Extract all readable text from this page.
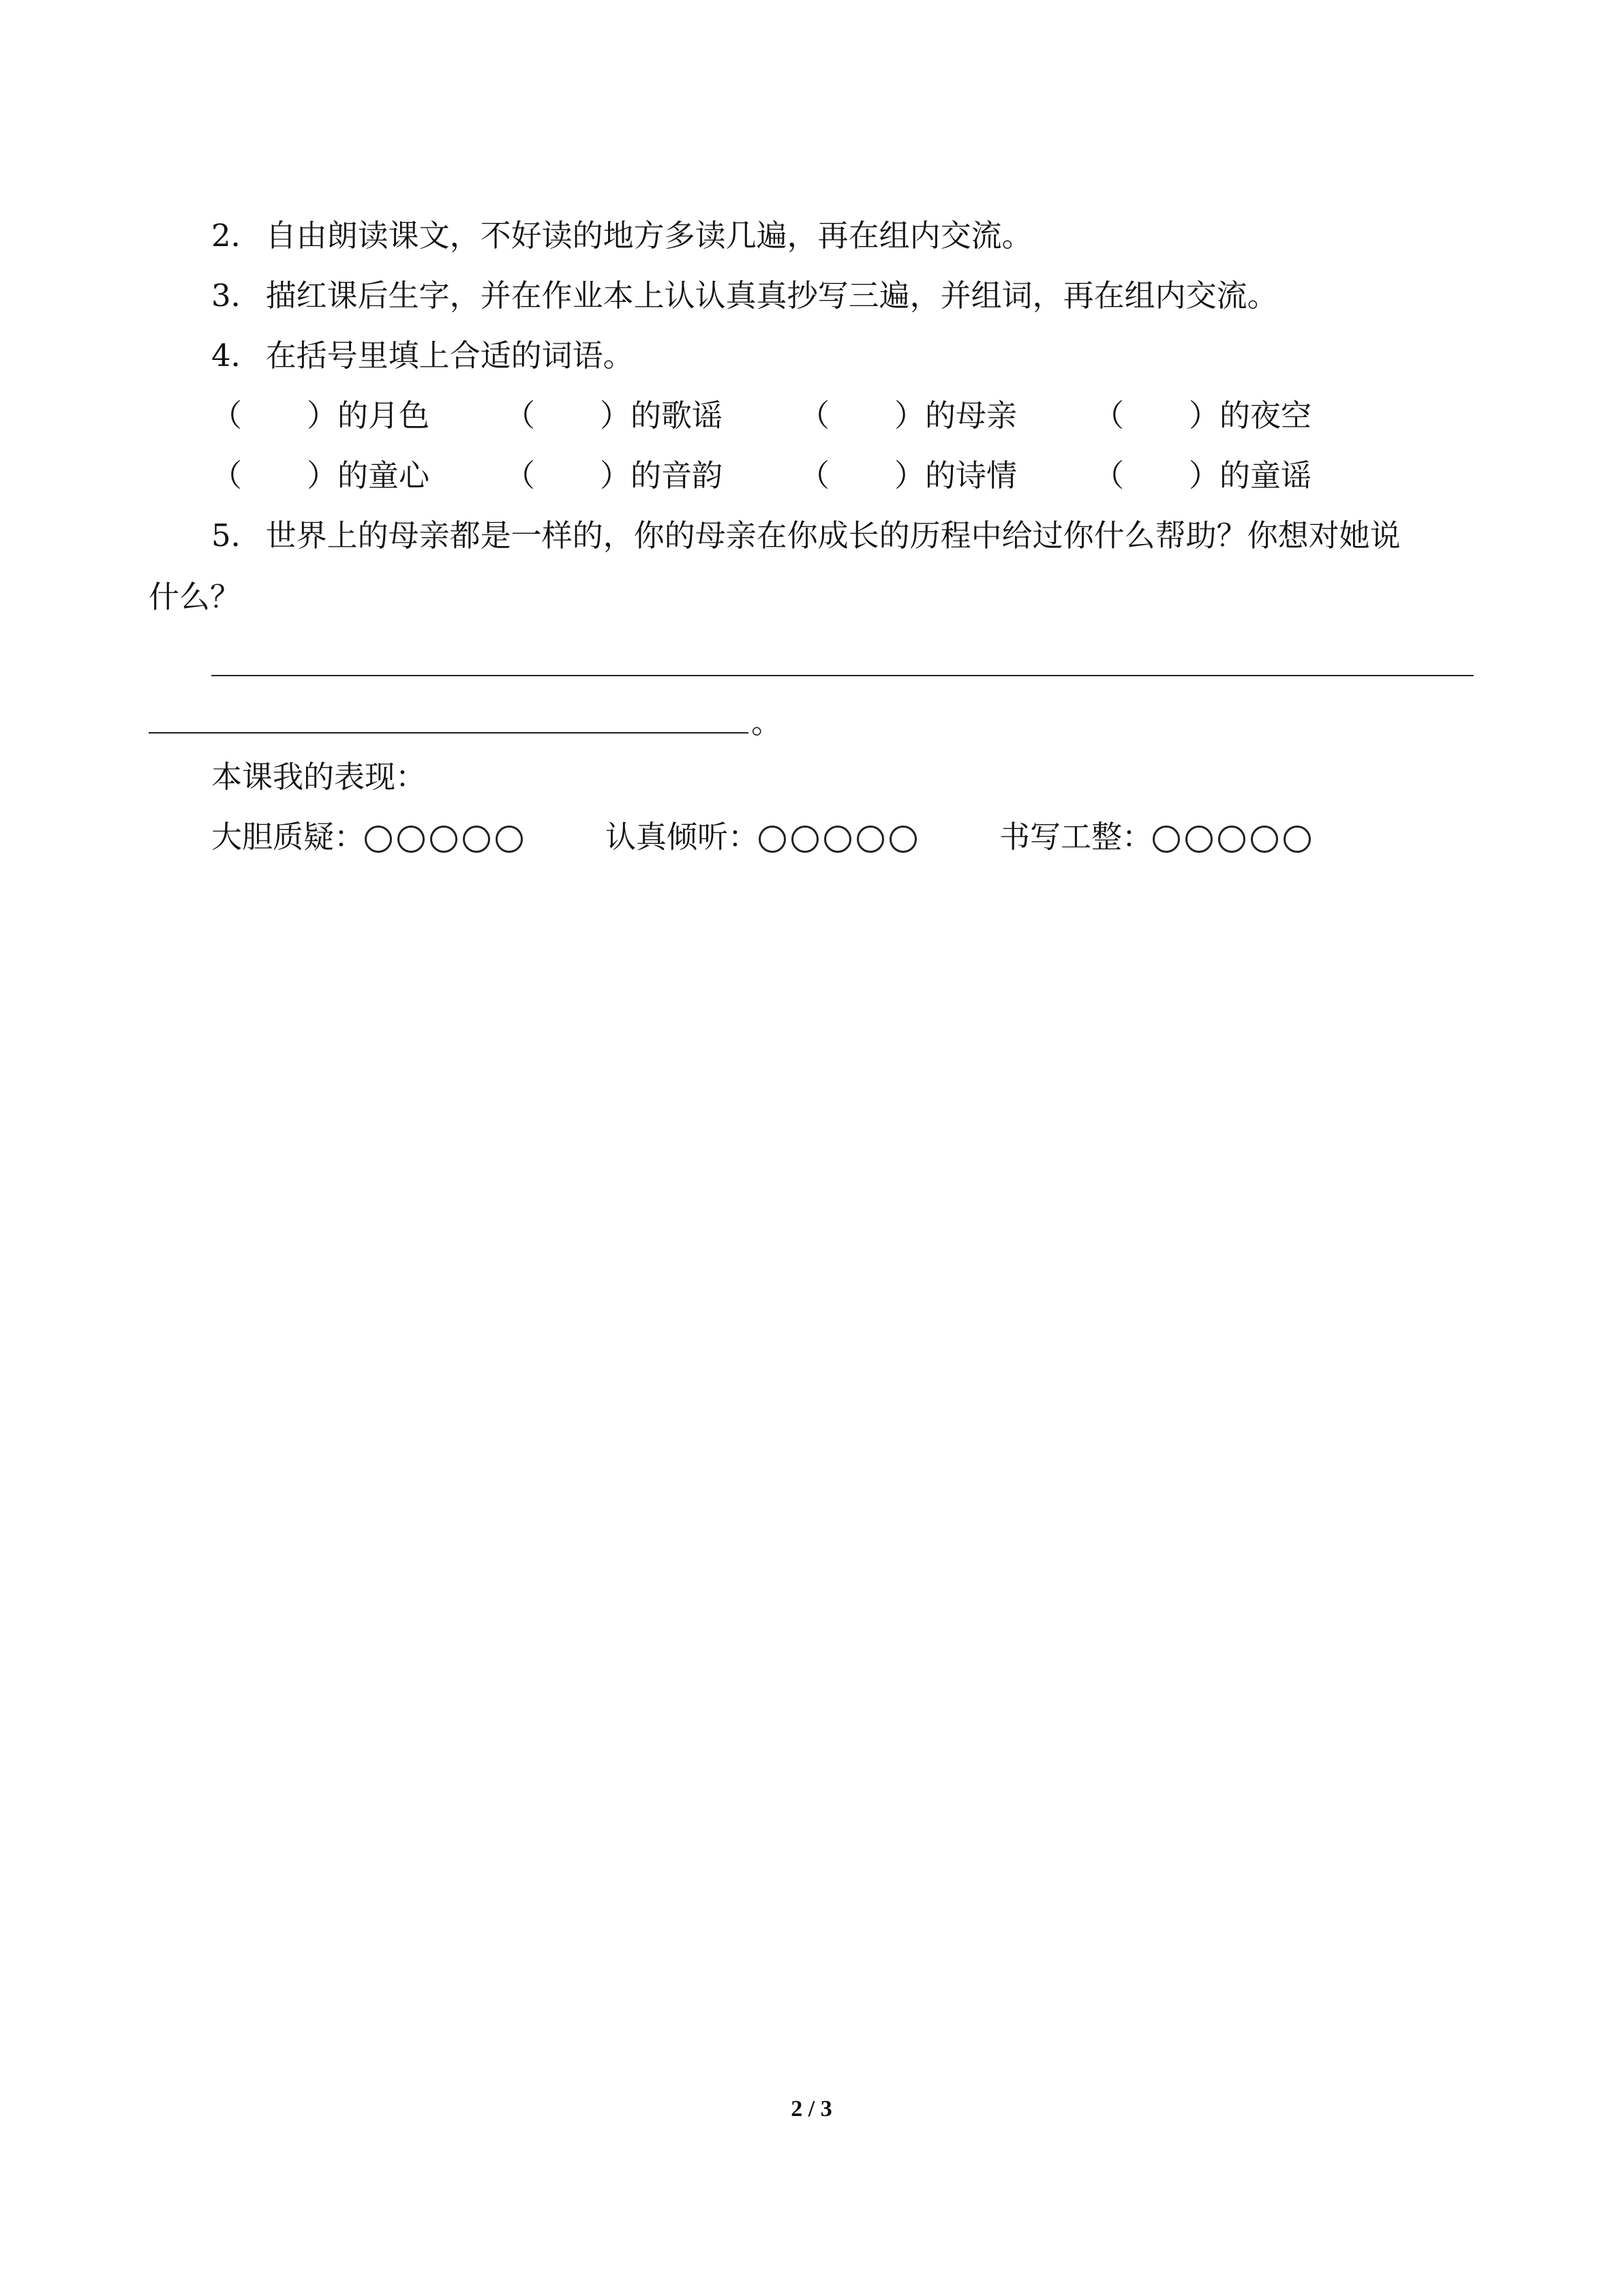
2． 自由朗读课文，不好读的地方多读几遍，再在组内交流。
3． 描红课后生字，并在作业本上认认真真抄写三遍，并组词，再在组内交流。
4． 在括号里填上合适的词语。
（ ）的月色 （ ）的歌谣 （ ）的母亲 （ ）的夜空
（ ）的童心 （ ）的音韵 （ ）的诗情 （ ）的童谣
5． 世界上的母亲都是一样的，你的母亲在你成长的历程中给过你什么帮助？你想对她说
什么？
。
本课我的表现：
大胆质疑：	认真倾听：	书写工整：
2 / 3
